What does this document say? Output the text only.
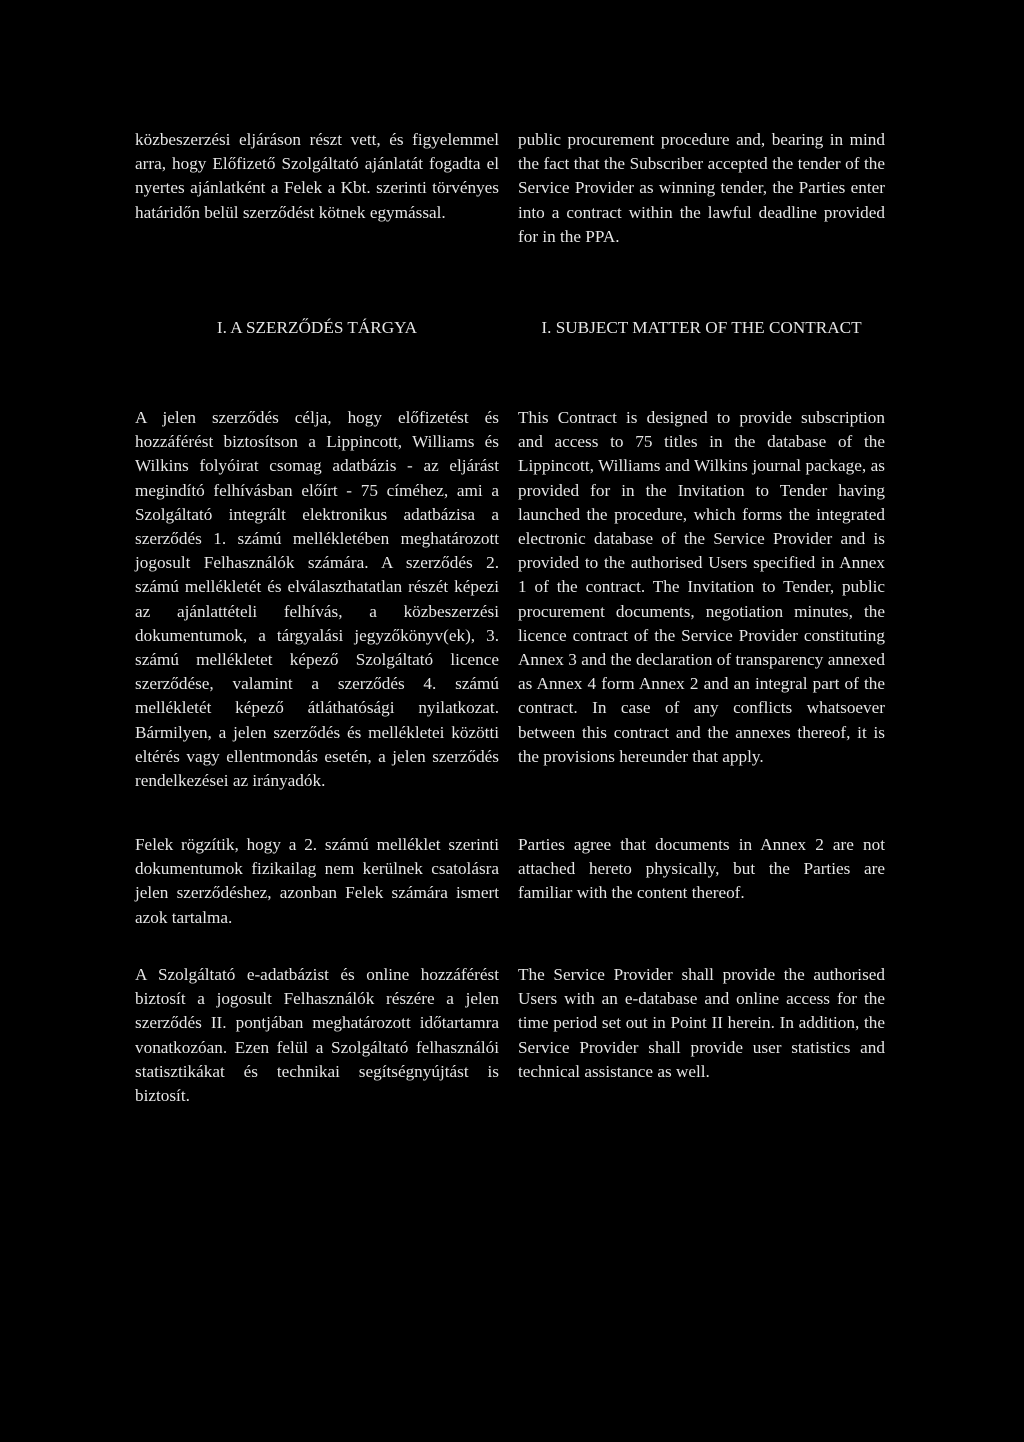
közbeszerzési eljáráson részt vett, és figyelemmel arra, hogy Előfizető Szolgáltató ajánlatát fogadta el nyertes ajánlatként a Felek a Kbt. szerinti törvényes határidőn belül szerződést kötnek egymással.

I. A SZERZŐDÉS TÁRGYA

A jelen szerződés célja, hogy előfizetést és hozzáférést biztosítson a Lippincott, Williams és Wilkins folyóirat csomag adatbázis - az eljárást megindító felhívásban előírt - 75 címéhez, ami a Szolgáltató integrált elektronikus adatbázisa a szerződés 1. számú mellékletében meghatározott jogosult Felhasználók számára. A szerződés 2. számú mellékletét és elválaszthatatlan részét képezi az ajánlattételi felhívás, a közbeszerzési dokumentumok, a tárgyalási jegyzőkönyv(ek), 3. számú mellékletet képező Szolgáltató licence szerződése, valamint a szerződés 4. számú mellékletét képező átláthatósági nyilatkozat. Bármilyen, a jelen szerződés és mellékletei közötti eltérés vagy ellentmondás esetén, a jelen szerződés rendelkezései az irányadók.

Felek rögzítik, hogy a 2. számú melléklet szerinti dokumentumok fizikailag nem kerülnek csatolásra jelen szerződéshez, azonban Felek számára ismert azok tartalma.

A Szolgáltató e-adatbázist és online hozzáférést biztosít a jogosult Felhasználók részére a jelen szerződés II. pontjában meghatározott időtartamra vonatkozóan. Ezen felül a Szolgáltató felhasználói statisztikákat és technikai segítségnyújtást is biztosít.

public procurement procedure and, bearing in mind the fact that the Subscriber accepted the tender of the Service Provider as winning tender, the Parties enter into a contract within the lawful deadline provided for in the PPA.

I. SUBJECT MATTER OF THE CONTRACT

This Contract is designed to provide subscription and access to 75 titles in the database of the Lippincott, Williams and Wilkins journal package, as provided for in the Invitation to Tender having launched the procedure, which forms the integrated electronic database of the Service Provider and is provided to the authorised Users specified in Annex 1 of the contract. The Invitation to Tender, public procurement documents, negotiation minutes, the licence contract of the Service Provider constituting Annex 3 and the declaration of transparency annexed as Annex 4 form Annex 2 and an integral part of the contract. In case of any conflicts whatsoever between this contract and the annexes thereof, it is the provisions hereunder that apply.

Parties agree that documents in Annex 2 are not attached hereto physically, but the Parties are familiar with the content thereof.

The Service Provider shall provide the authorised Users with an e-database and online access for the time period set out in Point II herein. In addition, the Service Provider shall provide user statistics and technical assistance as well.
